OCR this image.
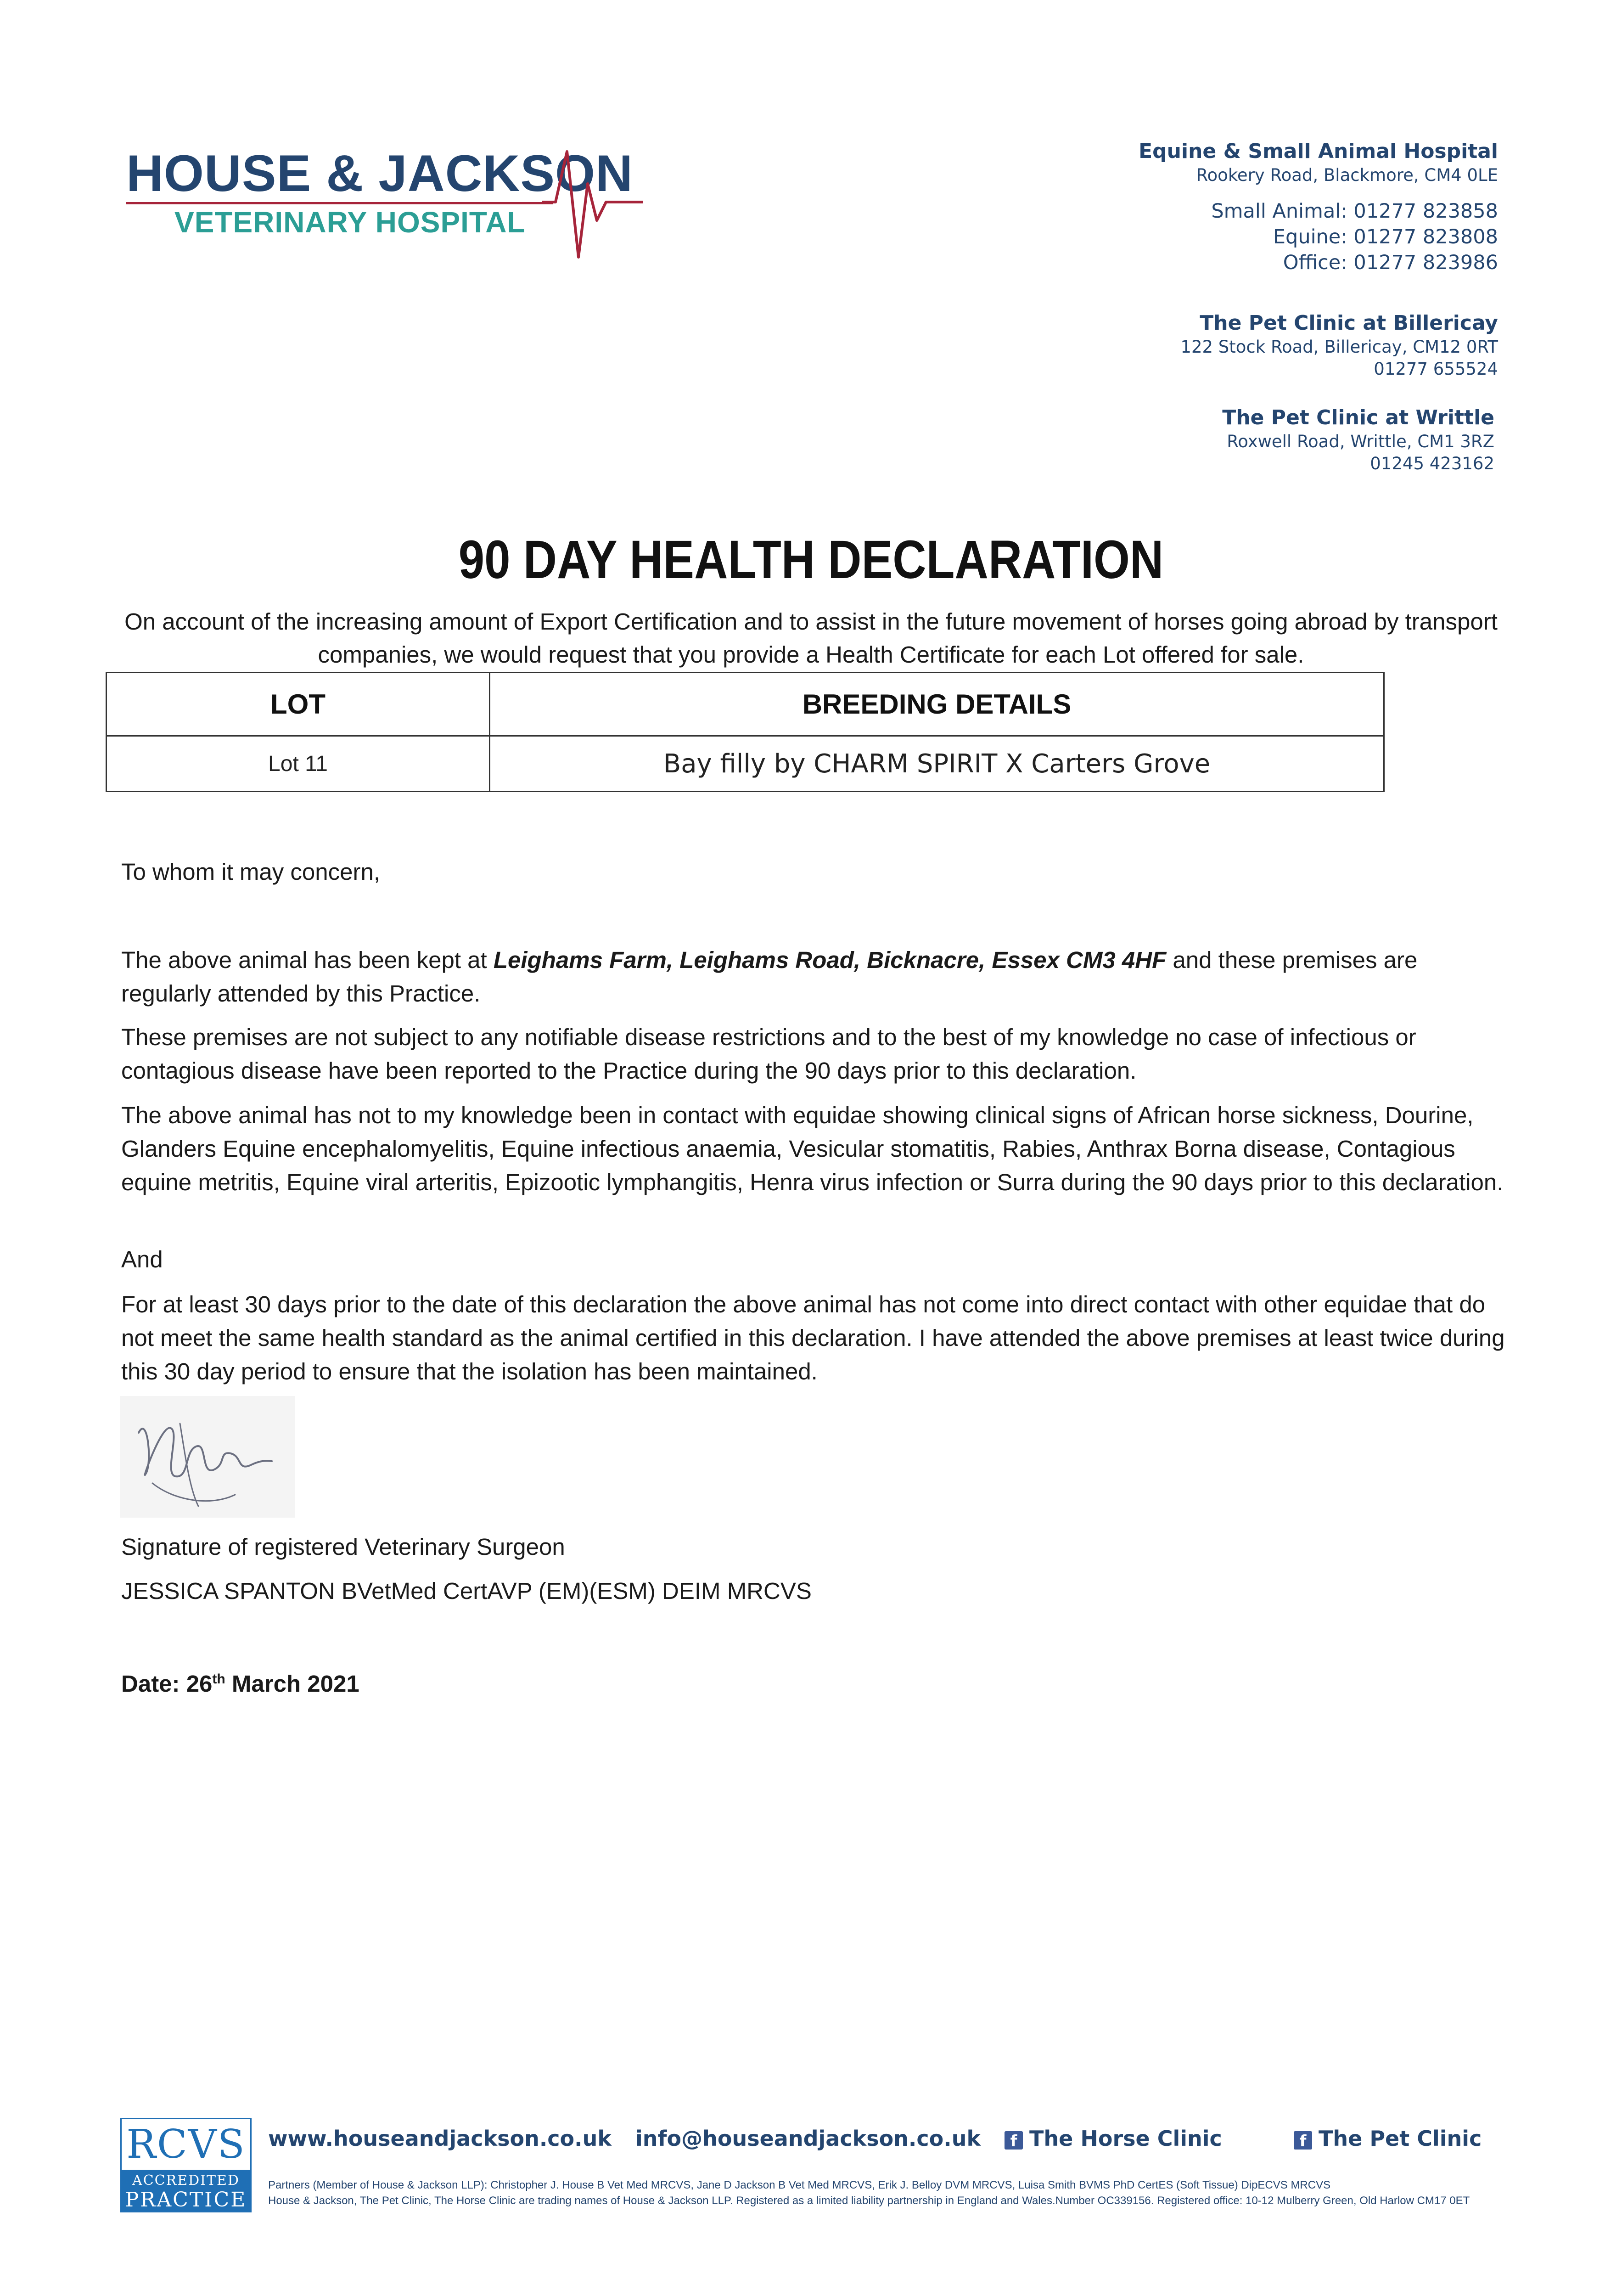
HOUSE & JACKSON
VETERINARY HOSPITAL
Equine & Small Animal Hospital
Rookery Road, Blackmore, CM4 0LE
Small Animal: 01277 823858
Equine: 01277 823808
Office: 01277 823986
The Pet Clinic at Billericay
122 Stock Road, Billericay, CM12 0RT
01277 655524
The Pet Clinic at Writtle
Roxwell Road, Writtle, CM1 3RZ
01245 423162
90 DAY HEALTH DECLARATION
On account of the increasing amount of Export Certification and to assist in the future movement of horses going abroad by transport companies, we would request that you provide a Health Certificate for each Lot offered for sale.
LOT	BREEDING DETAILS
Lot 11	Bay filly by CHARM SPIRIT X Carters Grove
To whom it may concern,
The above animal has been kept at Leighams Farm, Leighams Road, Bicknacre, Essex CM3 4HF and these premises are regularly attended by this Practice.
These premises are not subject to any notifiable disease restrictions and to the best of my knowledge no case of infectious or contagious disease have been reported to the Practice during the 90 days prior to this declaration.
The above animal has not to my knowledge been in contact with equidae showing clinical signs of African horse sickness, Dourine, Glanders Equine encephalomyelitis, Equine infectious anaemia, Vesicular stomatitis, Rabies, Anthrax Borna disease, Contagious equine metritis, Equine viral arteritis, Epizootic lymphangitis, Henra virus infection or Surra during the 90 days prior to this declaration.
And
For at least 30 days prior to the date of this declaration the above animal has not come into direct contact with other equidae that do not meet the same health standard as the animal certified in this declaration. I have attended the above premises at least twice during this 30 day period to ensure that the isolation has been maintained.
Signature of registered Veterinary Surgeon
JESSICA SPANTON BVetMed CertAVP (EM)(ESM) DEIM MRCVS
Date: 26th March 2021
RCVS
ACCREDITED
PRACTICE
www.houseandjackson.co.uk info@houseandjackson.co.uk	f The Horse Clinic	f The Pet Clinic
Partners (Member of House & Jackson LLP): Christopher J. House B Vet Med MRCVS, Jane D Jackson B Vet Med MRCVS, Erik J. Belloy DVM MRCVS, Luisa Smith BVMS PhD CertES (Soft Tissue) DipECVS MRCVS
House & Jackson, The Pet Clinic, The Horse Clinic are trading names of House & Jackson LLP. Registered as a limited liability partnership in England and Wales.Number OC339156. Registered office: 10-12 Mulberry Green, Old Harlow CM17 0ET
